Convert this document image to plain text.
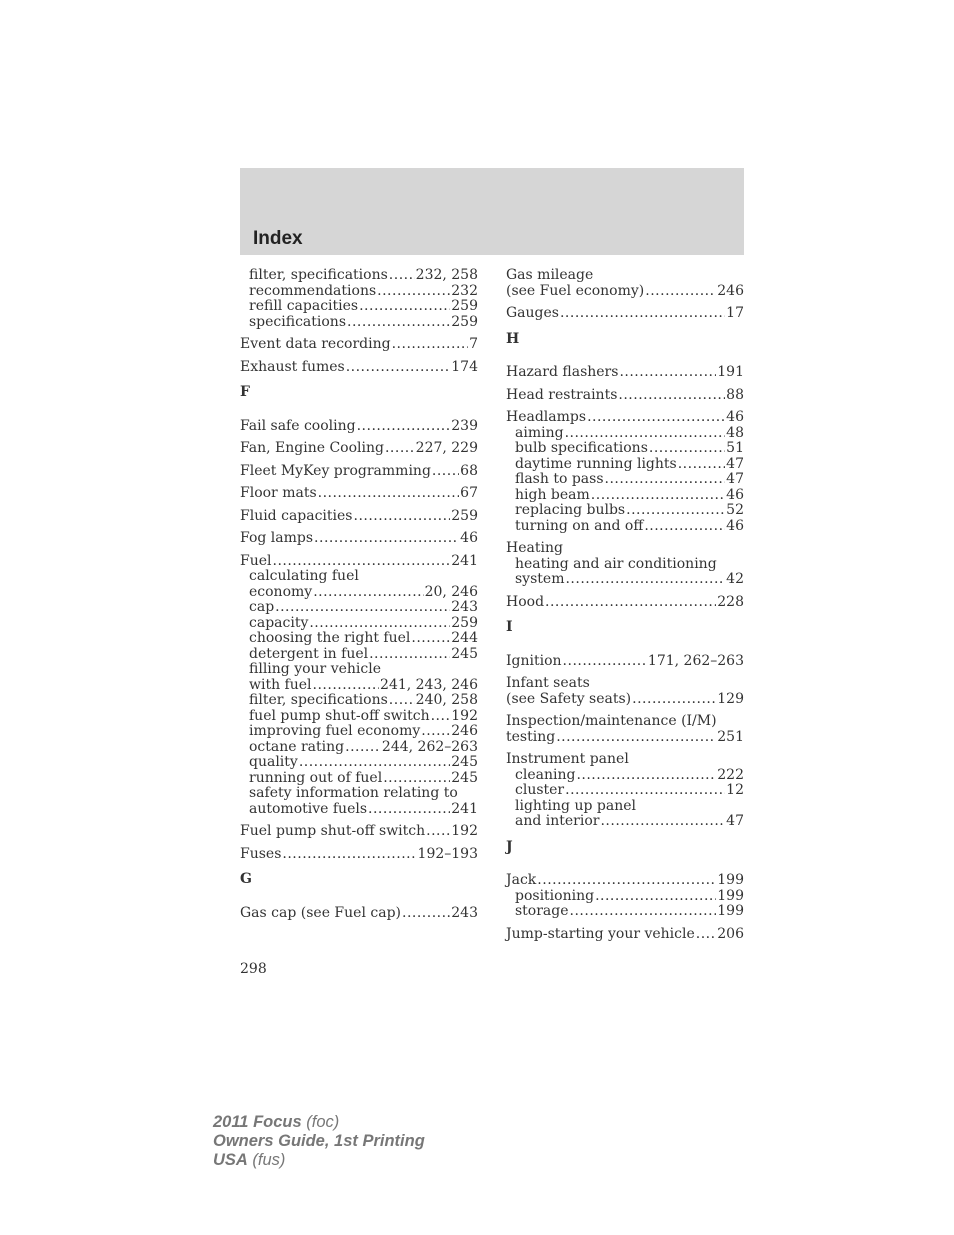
Index
filter, specifications ..... 232, 258
recommendations .....	232
refill capacities .....	259
specifications .....	259
Event data recording .....	7
Exhaust fumes .....	174
F
Fail safe cooling .....	239
Fan, Engine Cooling ..... 227, 229
Fleet MyKey programming ..... 68
Floor mats .....	67
Fluid capacities .....	259
Fog lamps .....	46
Fuel .....	241
calculating fuel
economy .....	20, 246
cap .....	243
capacity .....	259
choosing the right fuel .....	244
detergent in fuel .....	245
filling your vehicle
with fuel .....	241, 243, 246
filter, specifications ..... 240, 258
fuel pump shut-off switch ..... 192
improving fuel economy ..... 246
octane rating .....	244, 262–263
quality .....	245
running out of fuel .....	245
safety information relating to
automotive fuels .....	241
Fuel pump shut-off switch ..... 192
Fuses .....	192–193
G
Gas cap (see Fuel cap) .....	243
Gas mileage
(see Fuel economy) .....	246
Gauges .....	17
H
Hazard flashers .....	191
Head restraints .....	88
Headlamps .....	46
aiming .....	48
bulb specifications .....	51
daytime running lights .....	47
flash to pass .....	47
high beam .....	46
replacing bulbs .....	52
turning on and off .....	46
Heating
heating and air conditioning
system .....	42
Hood .....	228
I
Ignition .....	171, 262–263
Infant seats
(see Safety seats) .....	129
Inspection/maintenance (I/M)
testing .....	251
Instrument panel
cleaning .....	222
cluster .....	12
lighting up panel
and interior .....	47
J
Jack .....	199
positioning .....	199
storage .....	199
Jump-starting your vehicle ..... 206
298
2011 Focus (foc)
Owners Guide, 1st Printing
USA (fus)
